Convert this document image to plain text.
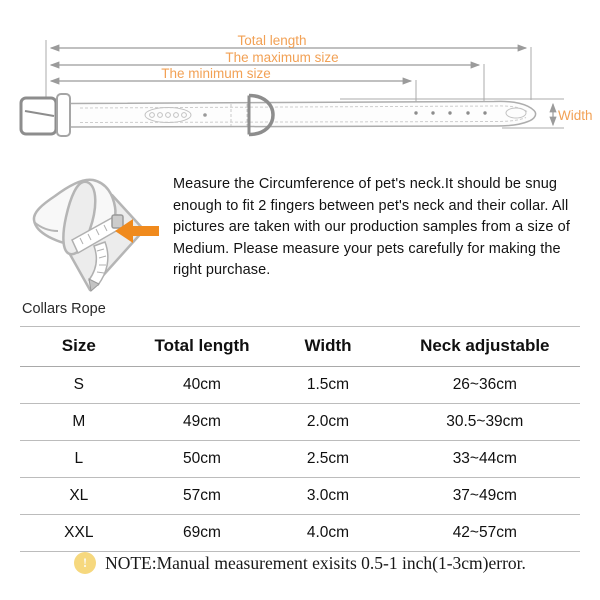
Total length
The maximum size
The minimum size
Width

Measure the Circumference of pet's neck.It should be snug enough to fit 2 fingers between pet's neck and their collar. All pictures are taken with our production samples from a size of Medium. Please measure your pets carefully for making the right purchase.

Collars Rope
Size	Total length	Width	Neck adjustable
S	40cm	1.5cm	26~36cm
M	49cm	2.0cm	30.5~39cm
L	50cm	2.5cm	33~44cm
XL	57cm	3.0cm	37~49cm
XXL	69cm	4.0cm	42~57cm
!	NOTE:Manual measurement exisits 0.5-1 inch(1-3cm)error.
